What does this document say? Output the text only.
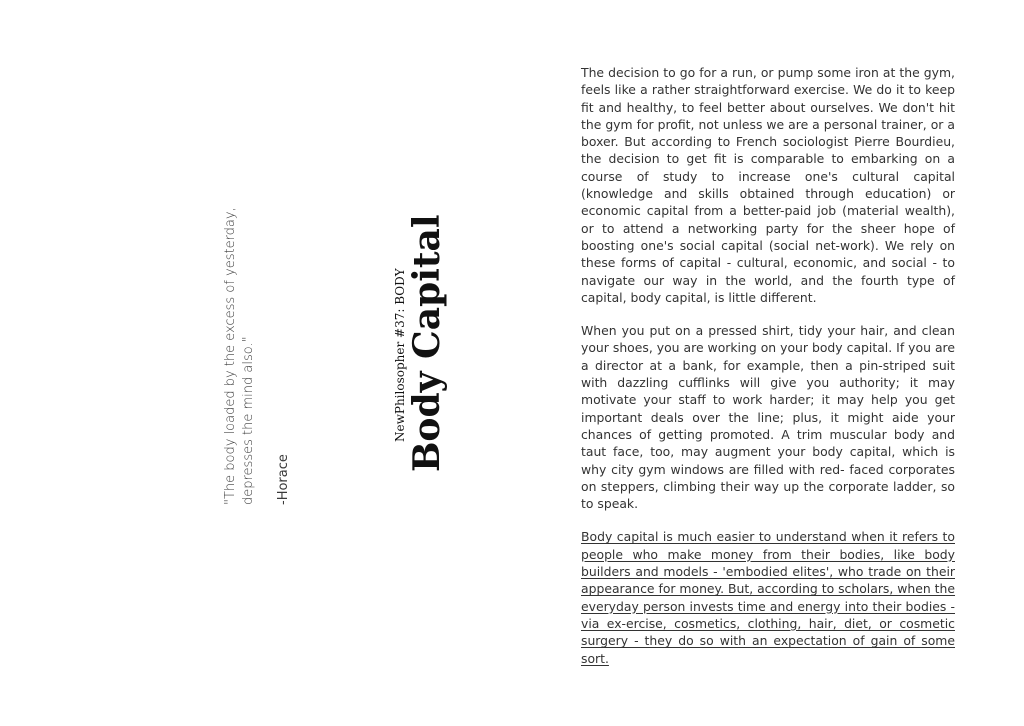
"The body loaded by the excess of yesterday, depresses the mind also." -Horace
NewPhilosopher #37: BODY Body Capital

The decision to go for a run, or pump some iron at the gym, feels like a rather straightforward exercise. We do it to keep fit and healthy, to feel better about ourselves. We don't hit the gym for profit, not unless we are a personal trainer, or a boxer. But according to French sociologist Pierre Bourdieu, the decision to get fit is comparable to embarking on a course of study to increase one's cultural capital (knowledge and skills obtained through education) or economic capital from a better-paid job (material wealth), or to attend a networking party for the sheer hope of boosting one's social capital (social net-work). We rely on these forms of capital - cultural, economic, and social - to navigate our way in the world, and the fourth type of capital, body capital, is little different.

When you put on a pressed shirt, tidy your hair, and clean your shoes, you are working on your body capital. If you are a director at a bank, for example, then a pin-striped suit with dazzling cufflinks will give you authority; it may motivate your staff to work harder; it may help you get important deals over the line; plus, it might aide your chances of getting promoted. A trim muscular body and taut face, too, may augment your body capital, which is why city gym windows are filled with red- faced corporates on steppers, climbing their way up the corporate ladder, so to speak.

Body capital is much easier to understand when it refers to people who make money from their bodies, like body builders and models - 'embodied elites', who trade on their appearance for money. But, according to scholars, when the everyday person invests time and energy into their bodies - via ex-ercise, cosmetics, clothing, hair, diet, or cosmetic surgery - they do so with an expectation of gain of some sort.
